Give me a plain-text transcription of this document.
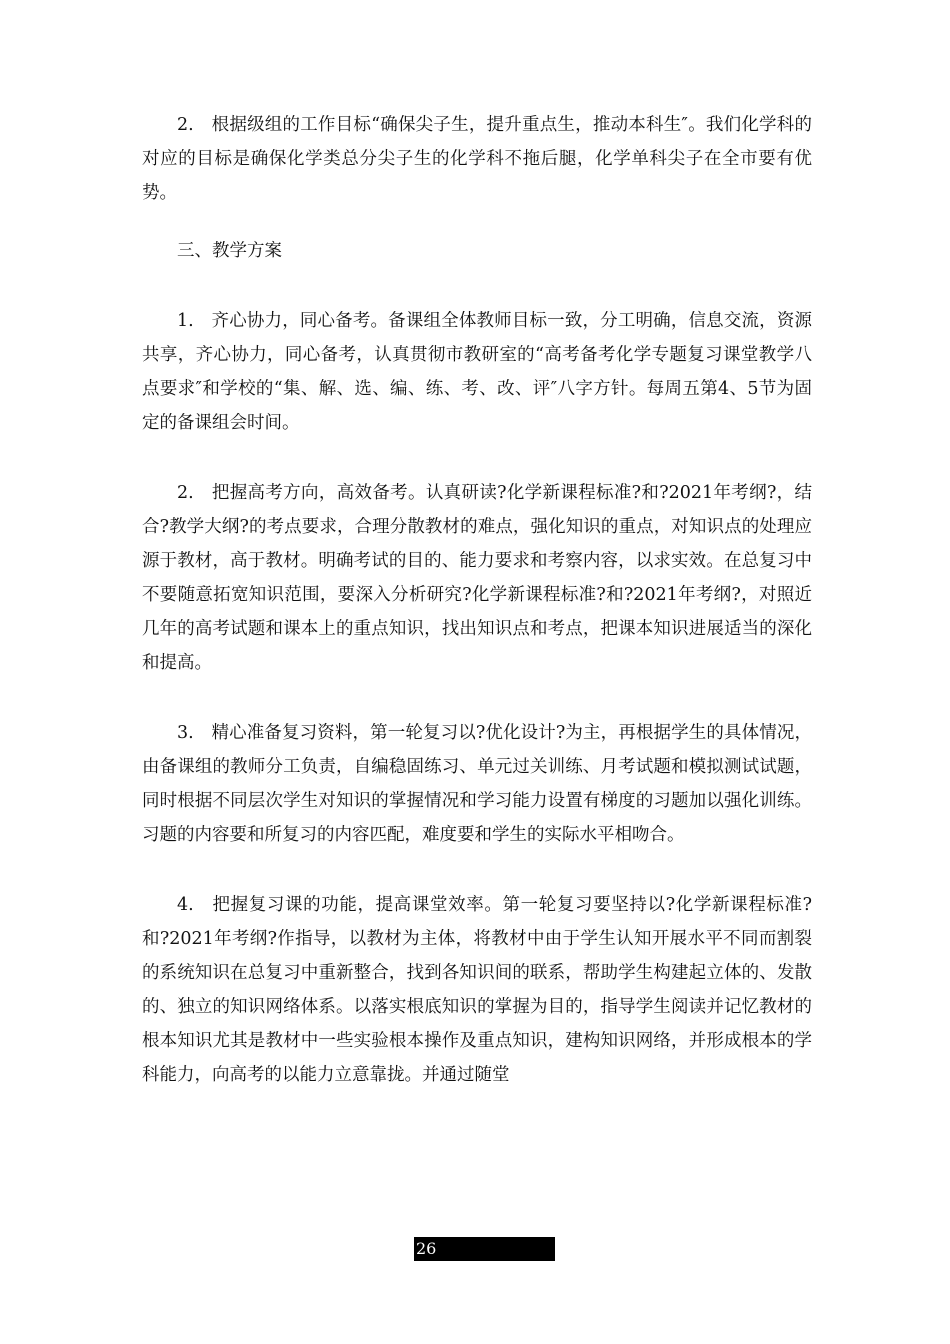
2.　根据级组的工作目标“确保尖子生，提升重点生，推动本科生″。我们化学科的对应的目标是确保化学类总分尖子生的化学科不拖后腿，化学单科尖子在全市要有优势。

三、教学方案

1.　齐心协力，同心备考。备课组全体教师目标一致，分工明确，信息交流，资源共享，齐心协力，同心备考，认真贯彻市教研室的“高考备考化学专题复习课堂教学八点要求″和学校的“集、解、选、编、练、考、改、评″八字方针。每周五第4、5节为固定的备课组会时间。

2.　把握高考方向，高效备考。认真研读?化学新课程标准?和?2021年考纲?，结合?教学大纲?的考点要求，合理分散教材的难点，强化知识的重点，对知识点的处理应源于教材，高于教材。明确考试的目的、能力要求和考察内容，以求实效。在总复习中不要随意拓宽知识范围，要深入分析研究?化学新课程标准?和?2021年考纲?，对照近几年的高考试题和课本上的重点知识，找出知识点和考点，把课本知识进展适当的深化和提高。

3.　精心准备复习资料，第一轮复习以?优化设计?为主，再根据学生的具体情况，由备课组的教师分工负责，自编稳固练习、单元过关训练、月考试题和模拟测试试题，同时根据不同层次学生对知识的掌握情况和学习能力设置有梯度的习题加以强化训练。习题的内容要和所复习的内容匹配，难度要和学生的实际水平相吻合。

4.　把握复习课的功能，提高课堂效率。第一轮复习要坚持以?化学新课程标准?和?2021年考纲?作指导，以教材为主体，将教材中由于学生认知开展水平不同而割裂的系统知识在总复习中重新整合，找到各知识间的联系，帮助学生构建起立体的、发散的、独立的知识网络体系。以落实根底知识的掌握为目的，指导学生阅读并记忆教材的根本知识尤其是教材中一些实验根本操作及重点知识，建构知识网络，并形成根本的学科能力，向高考的以能力立意靠拢。并通过随堂

26
